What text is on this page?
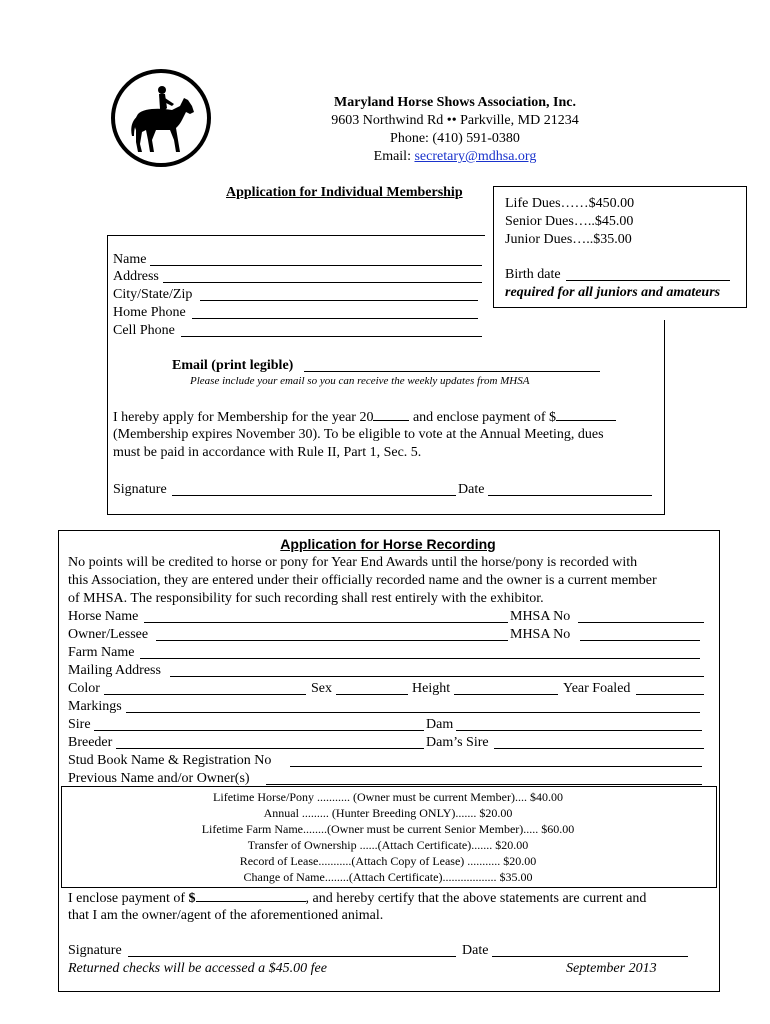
Maryland Horse Shows Association, Inc.
9603 Northwind Rd •• Parkville, MD 21234
Phone: (410) 591-0380
Email: secretary@mdhsa.org
Application for Individual Membership
Life Dues……$450.00
Senior Dues…..$45.00
Junior Dues…..$35.00
Birth date
required for all juniors and amateurs
Name
Address
City/State/Zip
Home Phone
Cell Phone
Email (print legible)
Please include your email so you can receive the weekly updates from MHSA
I hereby apply for Membership for the year 20	and enclose payment of $
(Membership expires November 30). To be eligible to vote at the Annual Meeting, dues
must be paid in accordance with Rule II, Part 1, Sec. 5.
Signature	Date
Application for Horse Recording
No points will be credited to horse or pony for Year End Awards until the horse/pony is recorded with
this Association, they are entered under their officially recorded name and the owner is a current member
of MHSA. The responsibility for such recording shall rest entirely with the exhibitor.
Horse Name	MHSA No
Owner/Lessee	MHSA No
Farm Name
Mailing Address
Color	Sex	Height	Year Foaled
Markings
Sire	Dam
Breeder	Dam’s Sire
Stud Book Name & Registration No
Previous Name and/or Owner(s)
Lifetime Horse/Pony ........... (Owner must be current Member).... $40.00
Annual ......... (Hunter Breeding ONLY)....... $20.00
Lifetime Farm Name........(Owner must be current Senior Member)..... $60.00
Transfer of Ownership ......(Attach Certificate)....... $20.00
Record of Lease...........(Attach Copy of Lease) ........... $20.00
Change of Name........(Attach Certificate).................. $35.00
I enclose payment of $	, and hereby certify that the above statements are current and
that I am the owner/agent of the aforementioned animal.
Signature	Date
Returned checks will be accessed a $45.00 fee	September 2013
